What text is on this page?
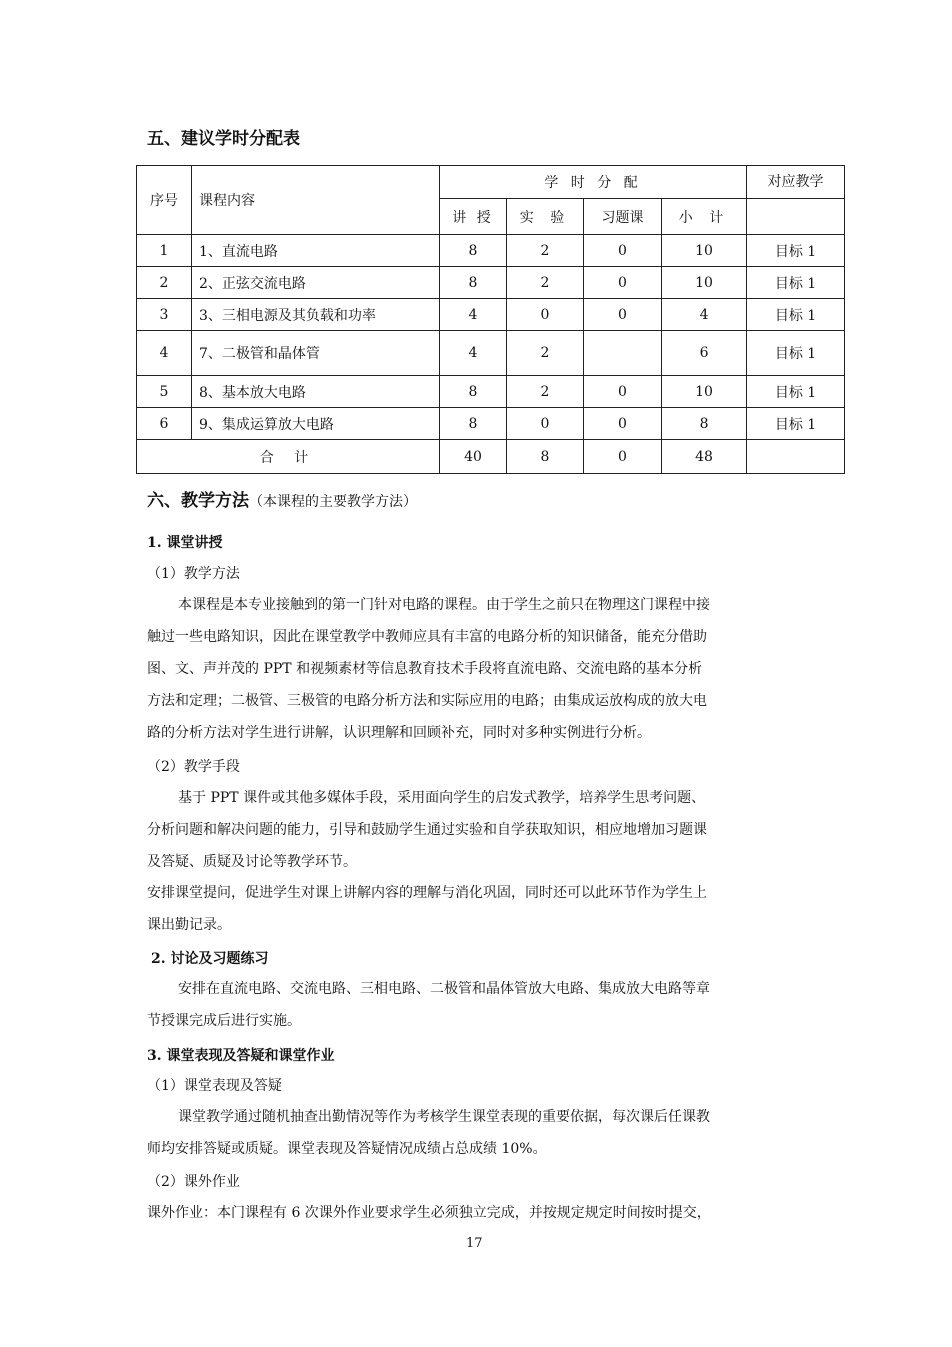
五、建议学时分配表
序号	课程内容	学 时 分 配				对应教学
		讲 授	实 验	习题课	小 计	
1	1、直流电路	8	2	0	10	目标 1
2	2、正弦交流电路	8	2	0	10	目标 1
3	3、三相电源及其负载和功率	4	0	0	4	目标 1
4	7、二极管和晶体管	4	2		6	目标 1
5	8、基本放大电路	8	2	0	10	目标 1
6	9、集成运算放大电路	8	0	0	8	目标 1
合 计		40	8	0	48	
六、教学方法（本课程的主要教学方法）
1. 课堂讲授
（1）教学方法
本课程是本专业接触到的第一门针对电路的课程。由于学生之前只在物理这门课程中接
触过一些电路知识，因此在课堂教学中教师应具有丰富的电路分析的知识储备，能充分借助
图、文、声并茂的 PPT 和视频素材等信息教育技术手段将直流电路、交流电路的基本分析
方法和定理；二极管、三极管的电路分析方法和实际应用的电路；由集成运放构成的放大电
路的分析方法对学生进行讲解，认识理解和回顾补充，同时对多种实例进行分析。
（2）教学手段
基于 PPT 课件或其他多媒体手段，采用面向学生的启发式教学，培养学生思考问题、
分析问题和解决问题的能力，引导和鼓励学生通过实验和自学获取知识，相应地增加习题课
及答疑、质疑及讨论等教学环节。
安排课堂提问，促进学生对课上讲解内容的理解与消化巩固，同时还可以此环节作为学生上
课出勤记录。
2. 讨论及习题练习
安排在直流电路、交流电路、三相电路、二极管和晶体管放大电路、集成放大电路等章
节授课完成后进行实施。
3. 课堂表现及答疑和课堂作业
（1）课堂表现及答疑
课堂教学通过随机抽查出勤情况等作为考核学生课堂表现的重要依据，每次课后任课教
师均安排答疑或质疑。课堂表现及答疑情况成绩占总成绩 10%。
（2）课外作业
课外作业：本门课程有 6 次课外作业要求学生必须独立完成，并按规定规定时间按时提交，
17
